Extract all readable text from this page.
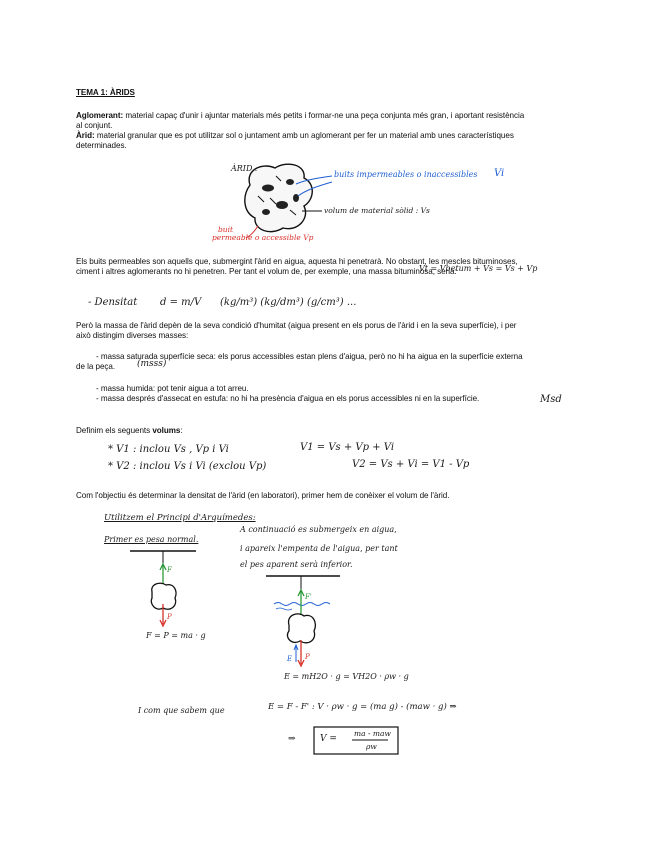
TEMA 1: ÀRIDS
Aglomerant: material capaç d'unir i ajuntar materials més petits i formar-ne una peça conjunta més gran, i aportant resistència
al conjunt.
Àrid: material granular que es pot utilitzar sol o juntament amb un aglomerant per fer un material amb unes característiques
determinades.
ÀRID :
buits impermeables o inaccessibles Vi
volum de material sòlid : Vs
buit
permeable o accessible Vp
Els buits permeables son aquells que, submergint l'àrid en aigua, aquesta hi penetrarà. No obstant, les mescles bituminoses,
ciment i altres aglomerants no hi penetren. Per tant el volum de, per exemple, una massa bituminosa, seria:
Vt = Vbetum + Vs = Vs + Vp
- Densitat d = m/V (kg/m³) (kg/dm³) (g/cm³) ...
Però la massa de l'àrid depèn de la seva condició d'humitat (aigua present en els porus de l'àrid i en la seva superfície), i per
això distingim diverses masses:
- massa saturada superfície seca: els porus accessibles estan plens d'aigua, però no hi ha aigua en la superfície externa
de la peça. (msss)
- massa humida: pot tenir aigua a tot arreu.
- massa després d'assecat en estufa: no hi ha presència d'aigua en els porus accessibles ni en la superfície.	Msd
Definim els seguents volums:
* V1 : inclou Vs , Vp i Vi	V1 = Vs + Vp + Vi
* V2 : inclou Vs i Vi (exclou Vp)	V2 = Vs + Vi = V1 - Vp
Com l'objectiu és determinar la densitat de l'àrid (en laboratori), primer hem de conèixer el volum de l'àrid.
Utilitzem el Principi d'Arquímedes:
Primer es pesa normal.
A continuació es submergeix en aigua,
i apareix l'empenta de l'aigua, per tant
el pes aparent serà inferior.
F
P
F'
E P
F = P = ma · g
E = mH2O · g = VH2O · ρw · g
I com que sabem que	E = F - F' : V · ρw · g = (ma g) - (maw · g) ⇒
⇒	V =
ma - maw
ρw
